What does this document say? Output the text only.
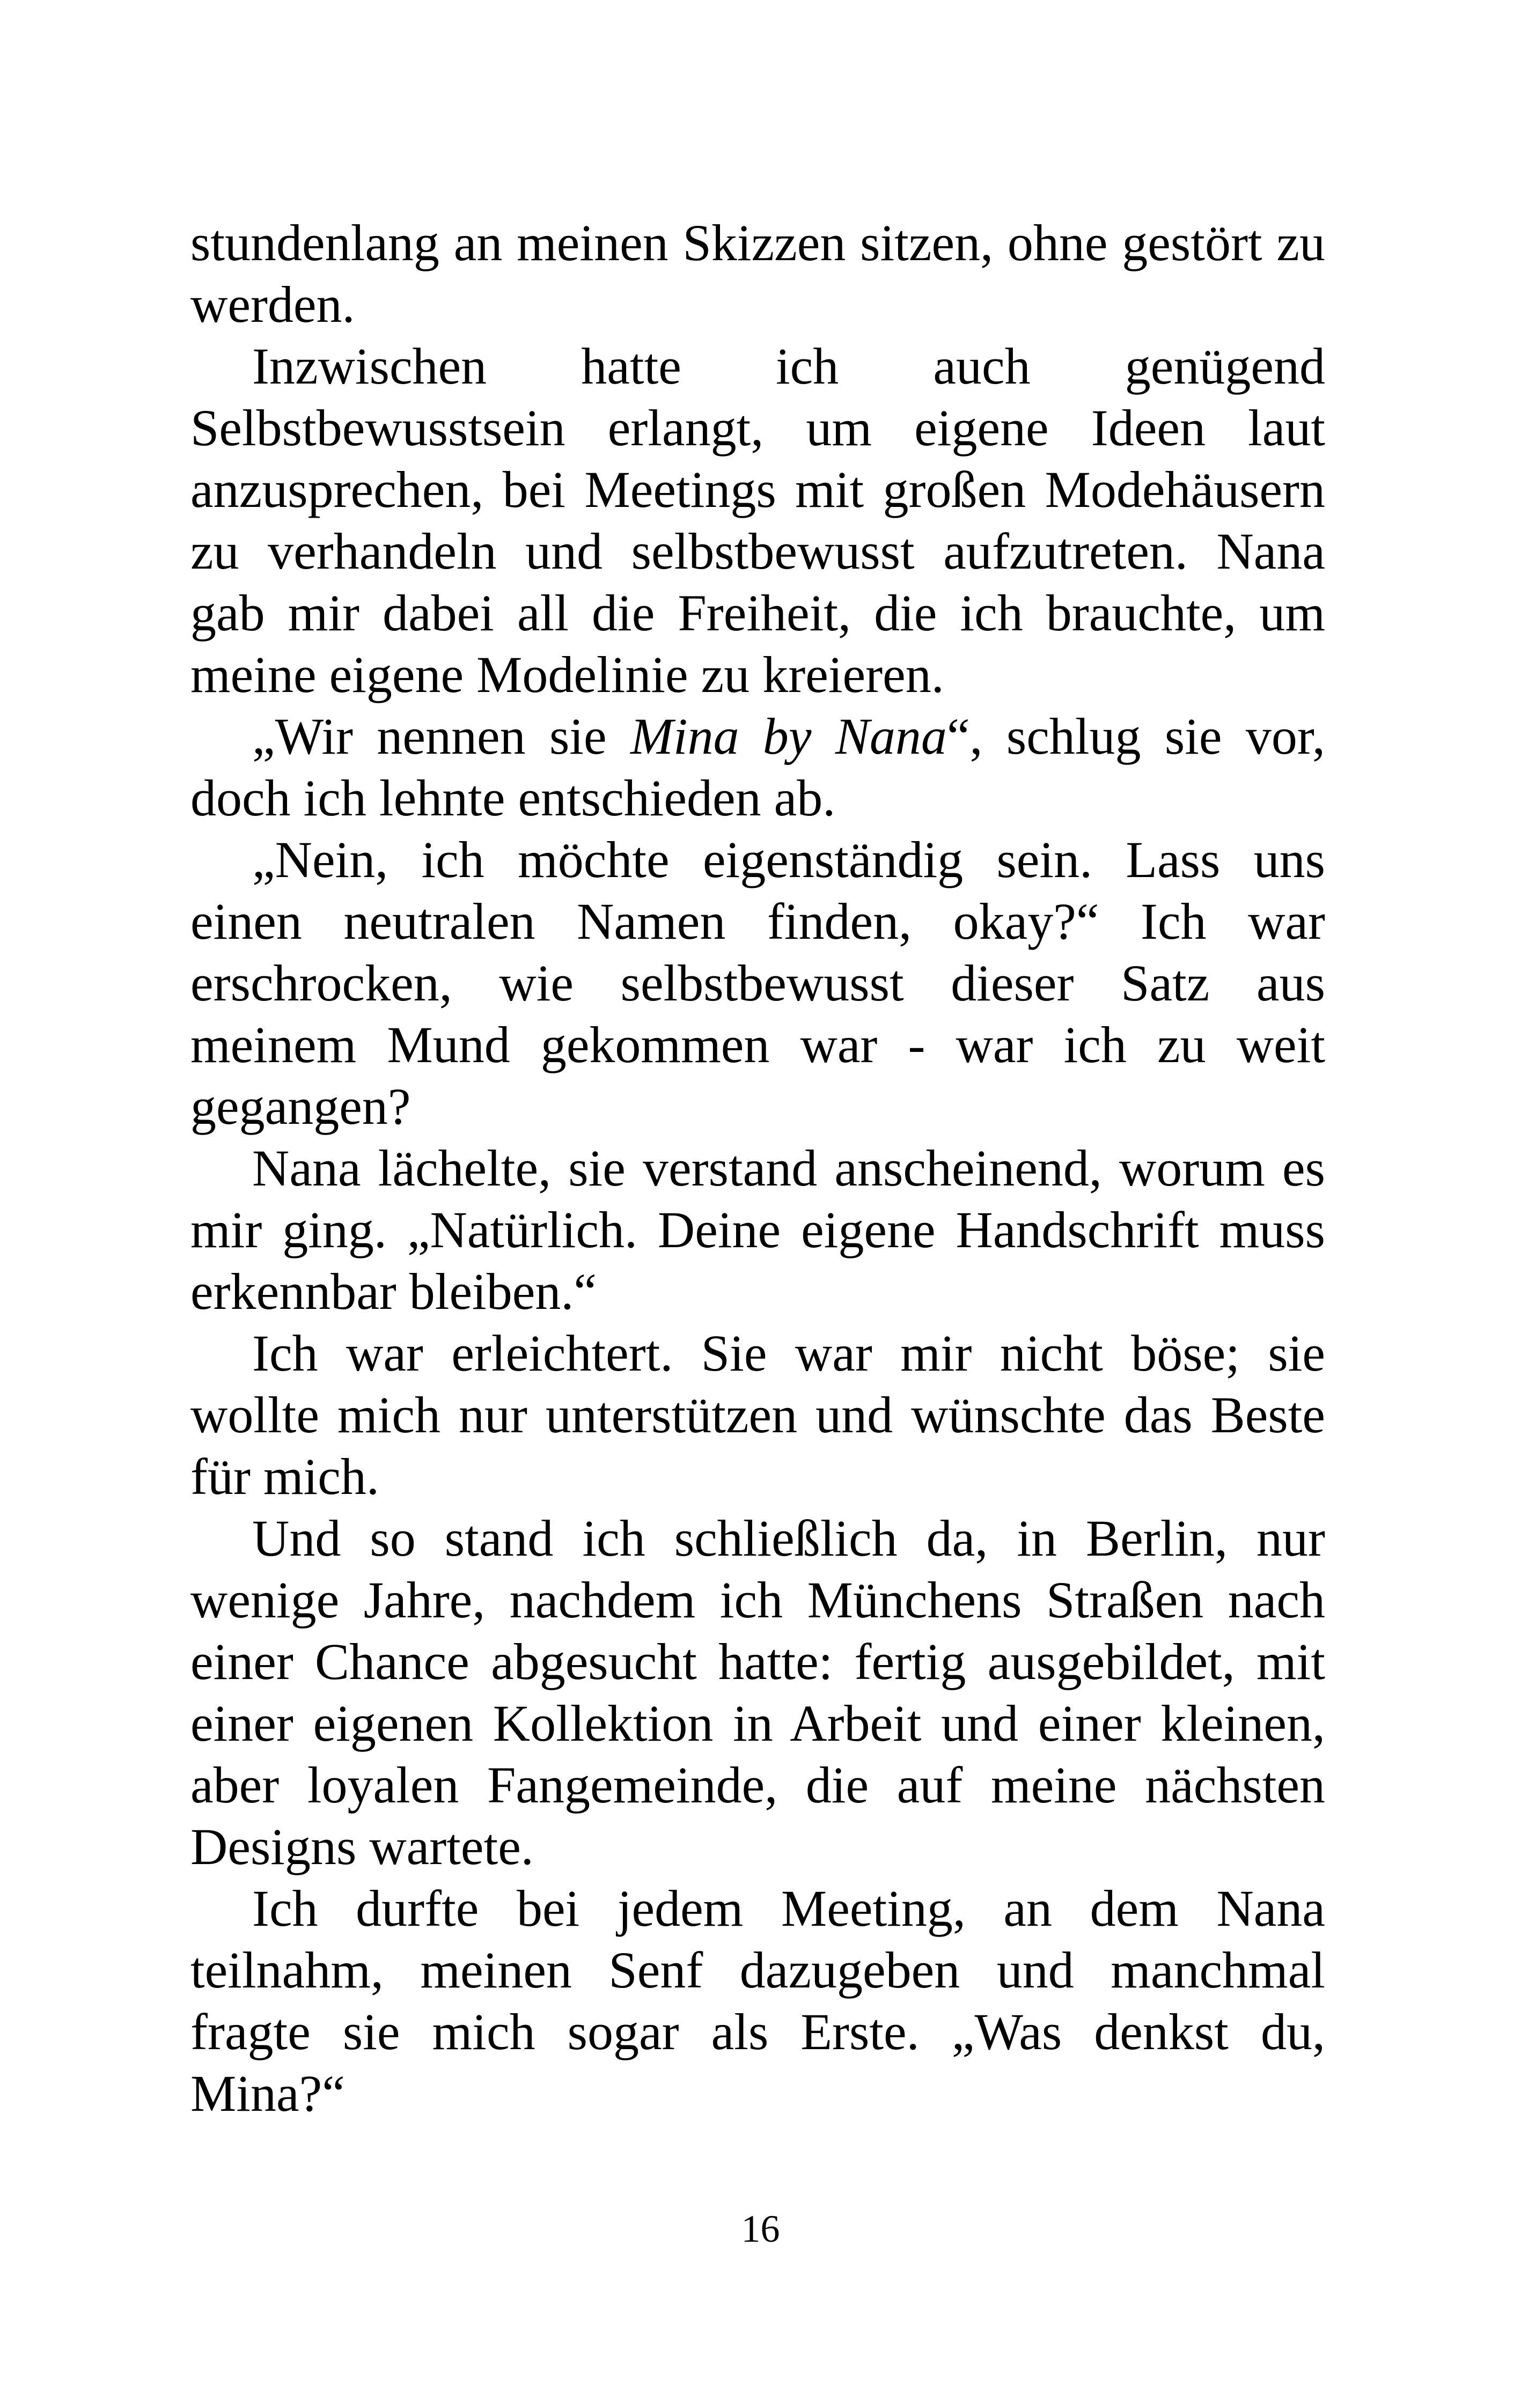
stundenlang an meinen Skizzen sitzen, ohne gestört zu werden.

Inzwischen hatte ich auch genügend Selbstbewusstsein erlangt, um eigene Ideen laut anzusprechen, bei Meetings mit großen Modehäusern zu verhandeln und selbstbewusst aufzutreten. Nana gab mir dabei all die Freiheit, die ich brauchte, um meine eigene Modelinie zu kreieren.

„Wir nennen sie Mina by Nana“, schlug sie vor, doch ich lehnte entschieden ab.

„Nein, ich möchte eigenständig sein. Lass uns einen neutralen Namen finden, okay?“ Ich war erschrocken, wie selbstbewusst dieser Satz aus meinem Mund gekommen war - war ich zu weit gegangen?

Nana lächelte, sie verstand anscheinend, worum es mir ging. „Natürlich. Deine eigene Handschrift muss erkennbar bleiben.“

Ich war erleichtert. Sie war mir nicht böse; sie wollte mich nur unterstützen und wünschte das Beste für mich.

Und so stand ich schließlich da, in Berlin, nur wenige Jahre, nachdem ich Münchens Straßen nach einer Chance abgesucht hatte: fertig ausgebildet, mit einer eigenen Kollektion in Arbeit und einer kleinen, aber loyalen Fangemeinde, die auf meine nächsten Designs wartete.

Ich durfte bei jedem Meeting, an dem Nana teilnahm, meinen Senf dazugeben und manchmal fragte sie mich sogar als Erste. „Was denkst du, Mina?“

16
